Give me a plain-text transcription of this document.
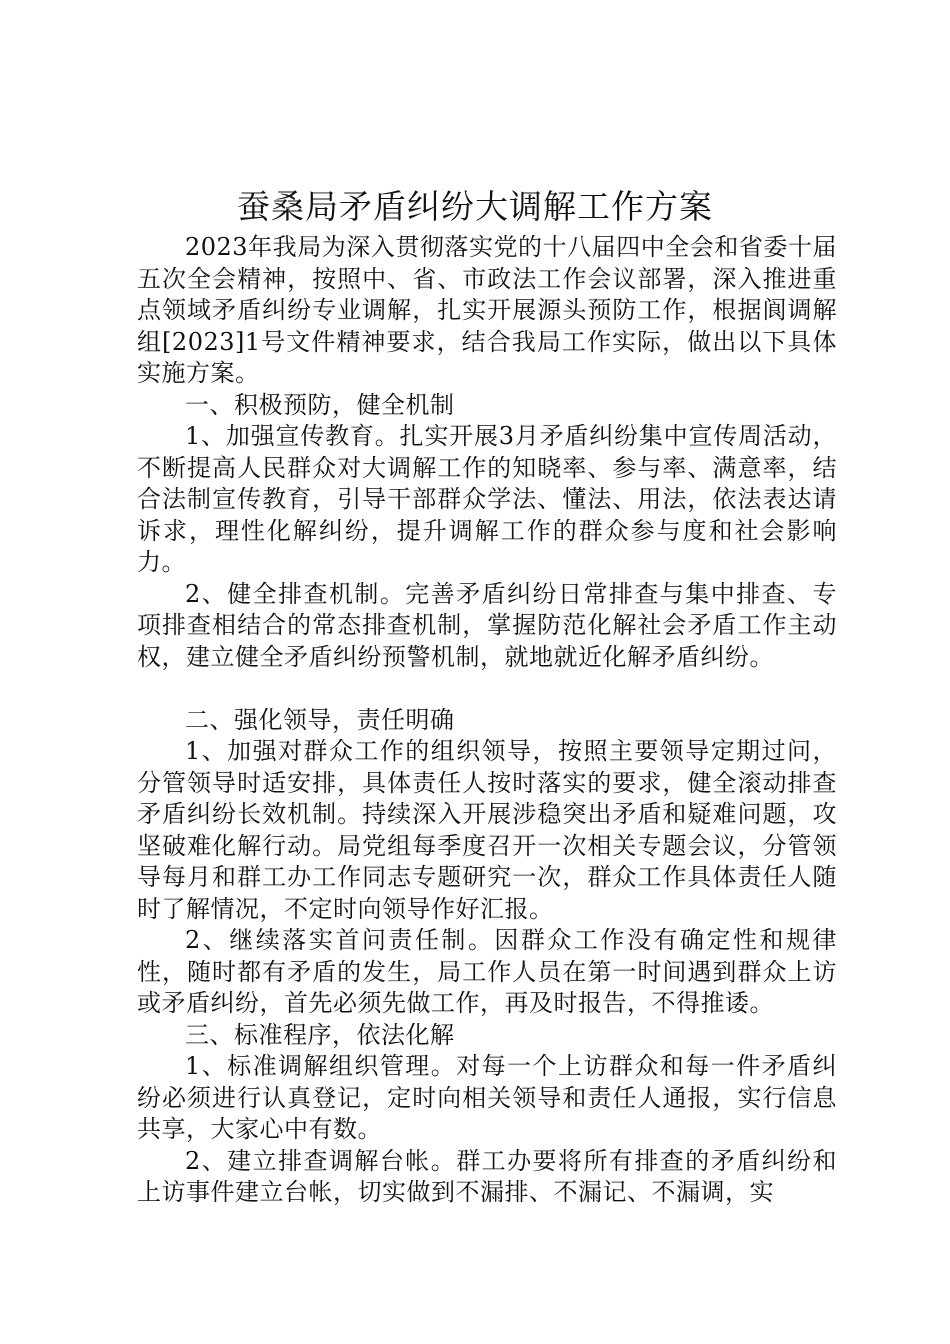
蚕桑局矛盾纠纷大调解工作方案

2023年我局为深入贯彻落实党的十八届四中全会和省委十届五次全会精神，按照中、省、市政法工作会议部署，深入推进重点领域矛盾纠纷专业调解，扎实开展源头预防工作，根据阆调解组[2023]1号文件精神要求，结合我局工作实际，做出以下具体实施方案。

一、积极预防，健全机制

1、加强宣传教育。扎实开展3月矛盾纠纷集中宣传周活动，不断提高人民群众对大调解工作的知晓率、参与率、满意率，结合法制宣传教育，引导干部群众学法、懂法、用法，依法表达请诉求，理性化解纠纷，提升调解工作的群众参与度和社会影响力。

2、健全排查机制。完善矛盾纠纷日常排查与集中排查、专项排查相结合的常态排查机制，掌握防范化解社会矛盾工作主动权，建立健全矛盾纠纷预警机制，就地就近化解矛盾纠纷。

二、强化领导，责任明确

1、加强对群众工作的组织领导，按照主要领导定期过问，分管领导时适安排，具体责任人按时落实的要求，健全滚动排查矛盾纠纷长效机制。持续深入开展涉稳突出矛盾和疑难问题，攻坚破难化解行动。局党组每季度召开一次相关专题会议，分管领导每月和群工办工作同志专题研究一次，群众工作具体责任人随时了解情况，不定时向领导作好汇报。

2、继续落实首问责任制。因群众工作没有确定性和规律性，随时都有矛盾的发生，局工作人员在第一时间遇到群众上访或矛盾纠纷，首先必须先做工作，再及时报告，不得推诿。

三、标准程序，依法化解

1、标准调解组织管理。对每一个上访群众和每一件矛盾纠纷必须进行认真登记，定时向相关领导和责任人通报，实行信息共享，大家心中有数。

2、建立排查调解台帐。群工办要将所有排查的矛盾纠纷和上访事件建立台帐，切实做到不漏排、不漏记、不漏调，实
